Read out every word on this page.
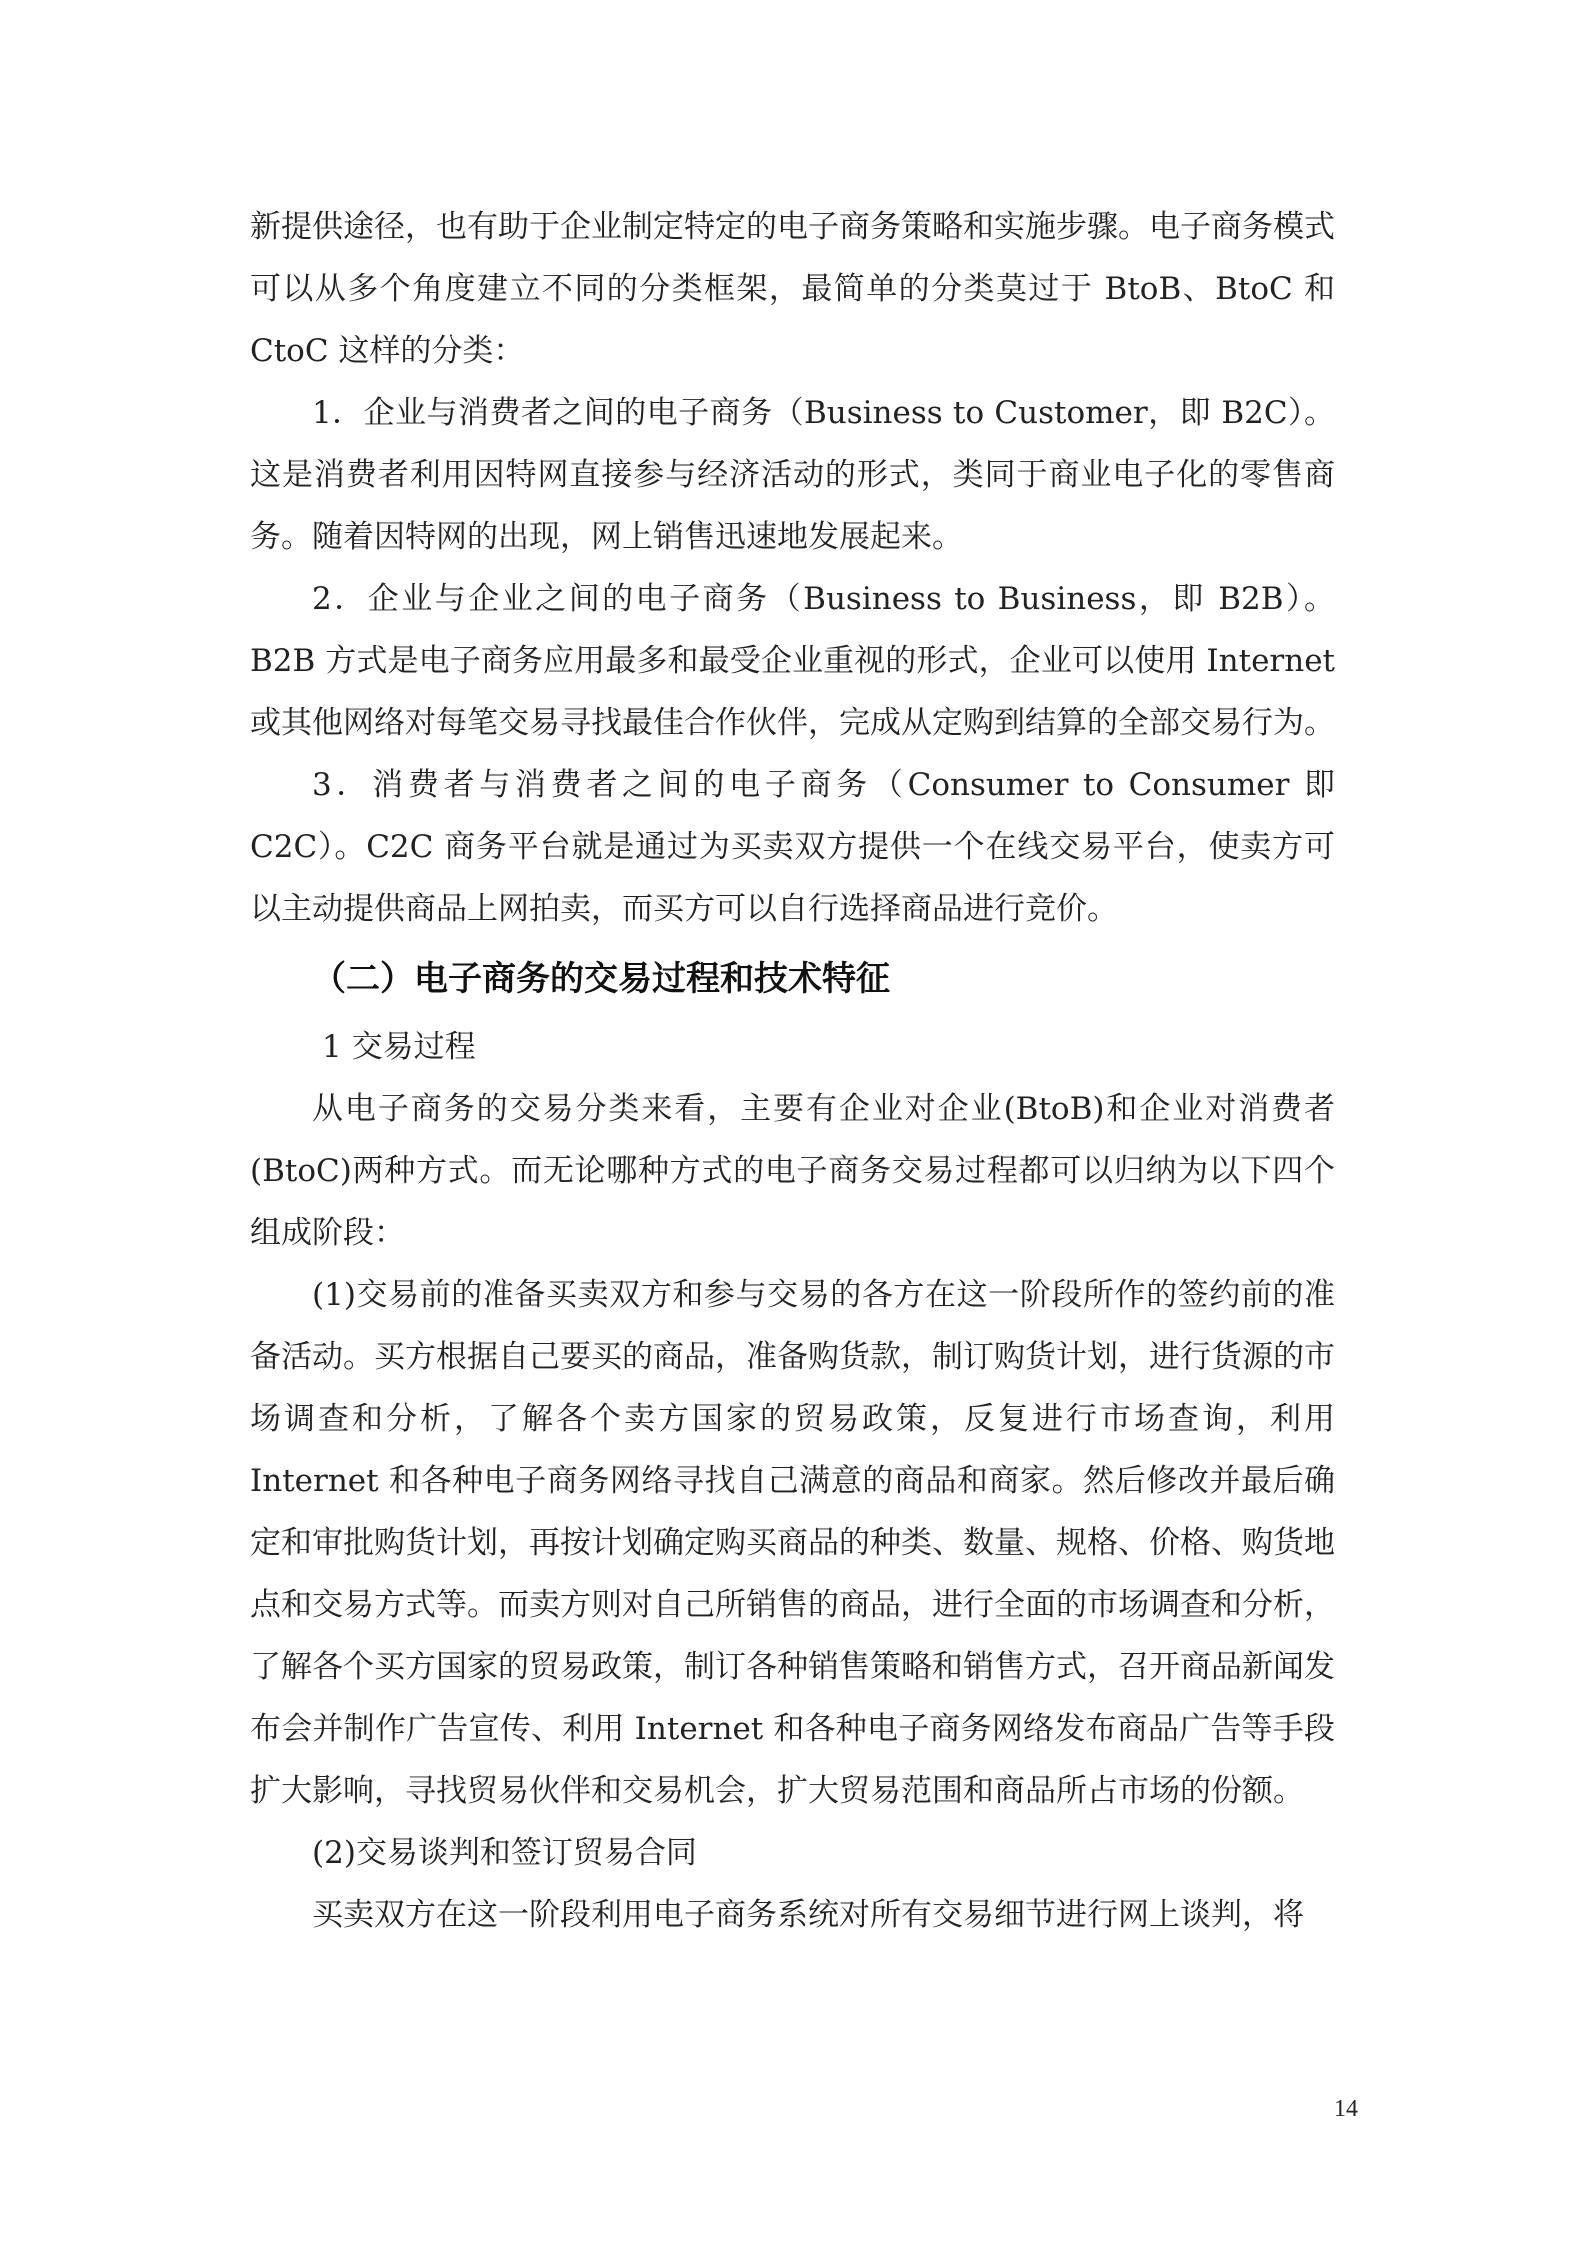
新提供途径，也有助于企业制定特定的电子商务策略和实施步骤。电子商务模式可以从多个角度建立不同的分类框架，最简单的分类莫过于 BtoB、BtoC 和 CtoC 这样的分类：

1．企业与消费者之间的电子商务（Business to Customer，即 B2C）。这是消费者利用因特网直接参与经济活动的形式，类同于商业电子化的零售商务。随着因特网的出现，网上销售迅速地发展起来。

2．企业与企业之间的电子商务（Business to Business，即 B2B）。B2B 方式是电子商务应用最多和最受企业重视的形式，企业可以使用 Internet 或其他网络对每笔交易寻找最佳合作伙伴，完成从定购到结算的全部交易行为。

3．消费者与消费者之间的电子商务（Consumer to Consumer 即 C2C）。C2C 商务平台就是通过为买卖双方提供一个在线交易平台，使卖方可以主动提供商品上网拍卖，而买方可以自行选择商品进行竞价。

（二）电子商务的交易过程和技术特征

1 交易过程

从电子商务的交易分类来看，主要有企业对企业(BtoB)和企业对消费者(BtoC)两种方式。而无论哪种方式的电子商务交易过程都可以归纳为以下四个组成阶段：

(1)交易前的准备买卖双方和参与交易的各方在这一阶段所作的签约前的准备活动。买方根据自己要买的商品，准备购货款，制订购货计划，进行货源的市场调查和分析，了解各个卖方国家的贸易政策，反复进行市场查询，利用 Internet 和各种电子商务网络寻找自己满意的商品和商家。然后修改并最后确定和审批购货计划，再按计划确定购买商品的种类、数量、规格、价格、购货地点和交易方式等。而卖方则对自己所销售的商品，进行全面的市场调查和分析，了解各个买方国家的贸易政策，制订各种销售策略和销售方式，召开商品新闻发布会并制作广告宣传、利用 Internet 和各种电子商务网络发布商品广告等手段扩大影响，寻找贸易伙伴和交易机会，扩大贸易范围和商品所占市场的份额。

(2)交易谈判和签订贸易合同

买卖双方在这一阶段利用电子商务系统对所有交易细节进行网上谈判，将

14
